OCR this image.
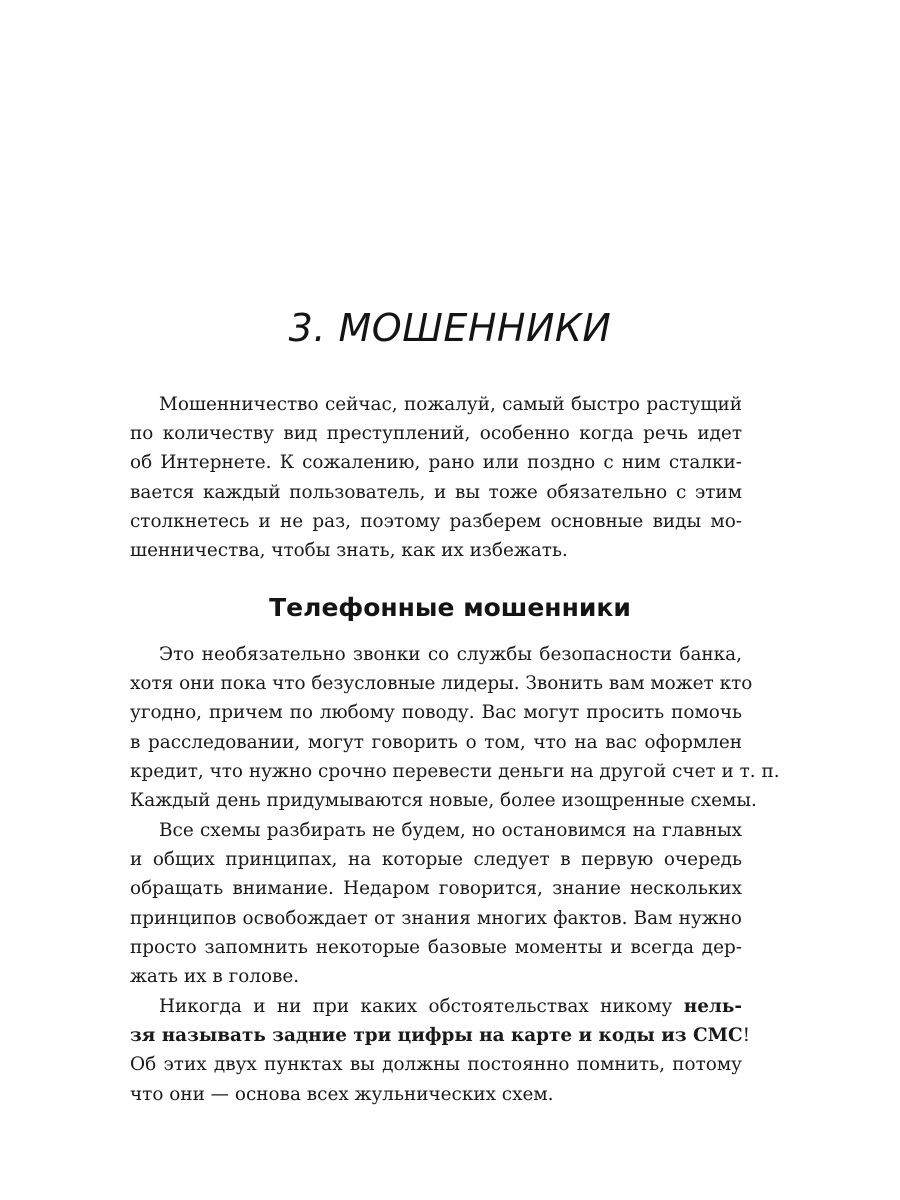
3. МОШЕННИКИ
Мошенничество сейчас, пожалуй, самый быстро растущий
по количеству вид преступлений, особенно когда речь идет
об Интернете. К сожалению, рано или поздно с ним сталки-
вается каждый пользователь, и вы тоже обязательно с этим
столкнетесь и не раз, поэтому разберем основные виды мо-
шенничества, чтобы знать, как их избежать.
Телефонные мошенники
Это необязательно звонки со службы безопасности банка,
хотя они пока что безусловные лидеры. Звонить вам может кто
угодно, причем по любому поводу. Вас могут просить помочь
в расследовании, могут говорить о том, что на вас оформлен
кредит, что нужно срочно перевести деньги на другой счет и т. п.
Каждый день придумываются новые, более изощренные схемы.
Все схемы разбирать не будем, но остановимся на главных
и общих принципах, на которые следует в первую очередь
обращать внимание. Недаром говорится, знание нескольких
принципов освобождает от знания многих фактов. Вам нужно
просто запомнить некоторые базовые моменты и всегда дер-
жать их в голове.
Никогда и ни при каких обстоятельствах никому нель-
зя называть задние три цифры на карте и коды из СМС!
Об этих двух пунктах вы должны постоянно помнить, потому
что они — основа всех жульнических схем.
